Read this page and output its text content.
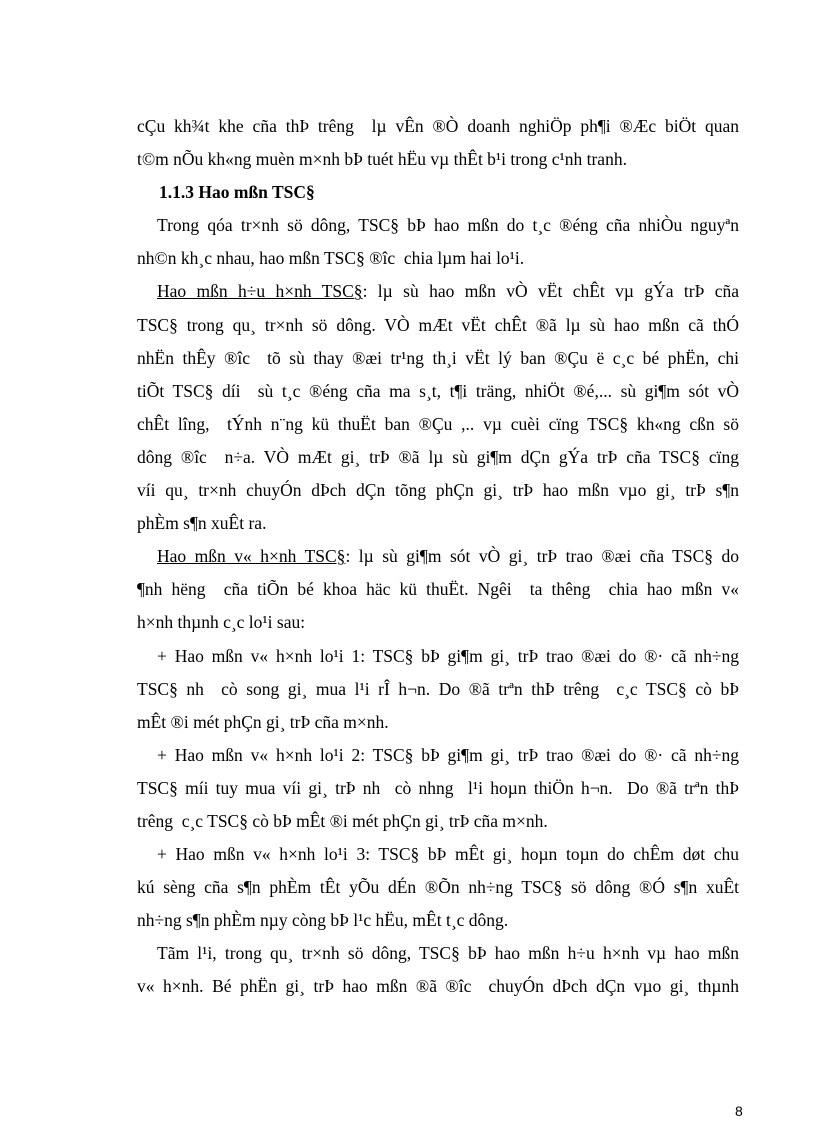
cÇu kh¾t khe cña thÞ trêng  lµ vÊn ®Ò doanh nghiÖp ph¶i ®Æc biÖt quan
t©m nÕu kh«ng muèn m×nh bÞ tuét hËu vµ thÊt b¹i trong c¹nh tranh.
1.1.3 Hao mßn TSC§
Trong qóa tr×nh sö dông, TSC§ bÞ hao mßn do t¸c ®éng cña nhiÒu nguyªn
nh©n kh¸c nhau, hao mßn TSC§ ®îc  chia lµm hai lo¹i.
Hao mßn h÷u h×nh TSC§: lµ sù hao mßn vÒ vËt chÊt vµ gÝa trÞ cña
TSC§ trong qu¸ tr×nh sö dông. VÒ mÆt vËt chÊt ®ã lµ sù hao mßn cã thÓ
nhËn thÊy ®îc  tõ sù thay ®æi tr¹ng th¸i vËt lý ban ®Çu ë c¸c bé phËn, chi
tiÕt TSC§ díi  sù t¸c ®éng cña ma s¸t, t¶i träng, nhiÖt ®é,... sù gi¶m sót vÒ
chÊt lîng,  tÝnh n¨ng kü thuËt ban ®Çu ,.. vµ cuèi cïng TSC§ kh«ng cßn sö
dông ®îc  n÷a. VÒ mÆt gi¸ trÞ ®ã lµ sù gi¶m dÇn gÝa trÞ cña TSC§ cïng
víi qu¸ tr×nh chuyÓn dÞch dÇn tõng phÇn gi¸ trÞ hao mßn vµo gi¸ trÞ s¶n
phÈm s¶n xuÊt ra.
Hao mßn v« h×nh TSC§: lµ sù gi¶m sót vÒ gi¸ trÞ trao ®æi cña TSC§ do
¶nh hëng  cña tiÕn bé khoa häc kü thuËt. Ngêi  ta thêng  chia hao mßn v«
h×nh thµnh c¸c lo¹i sau:
+ Hao mßn v« h×nh lo¹i 1: TSC§ bÞ gi¶m gi¸ trÞ trao ®æi do ®· cã nh÷ng
TSC§ nh  cò song gi¸ mua l¹i rÎ h¬n. Do ®ã trªn thÞ trêng  c¸c TSC§ cò bÞ
mÊt ®i mét phÇn gi¸ trÞ cña m×nh.
+ Hao mßn v« h×nh lo¹i 2: TSC§ bÞ gi¶m gi¸ trÞ trao ®æi do ®· cã nh÷ng
TSC§ míi tuy mua víi gi¸ trÞ nh  cò nhng  l¹i hoµn thiÖn h¬n.  Do ®ã trªn thÞ
trêng  c¸c TSC§ cò bÞ mÊt ®i mét phÇn gi¸ trÞ cña m×nh.
+ Hao mßn v« h×nh lo¹i 3: TSC§ bÞ mÊt gi¸ hoµn toµn do chÊm døt chu
kú sèng cña s¶n phÈm tÊt yÕu dÉn ®Õn nh÷ng TSC§ sö dông ®Ó s¶n xuÊt
nh÷ng s¶n phÈm nµy còng bÞ l¹c hËu, mÊt t¸c dông.
Tãm l¹i, trong qu¸ tr×nh sö dông, TSC§ bÞ hao mßn h÷u h×nh vµ hao mßn
v« h×nh. Bé phËn gi¸ trÞ hao mßn ®ã ®îc  chuyÓn dÞch dÇn vµo gi¸ thµnh
8
